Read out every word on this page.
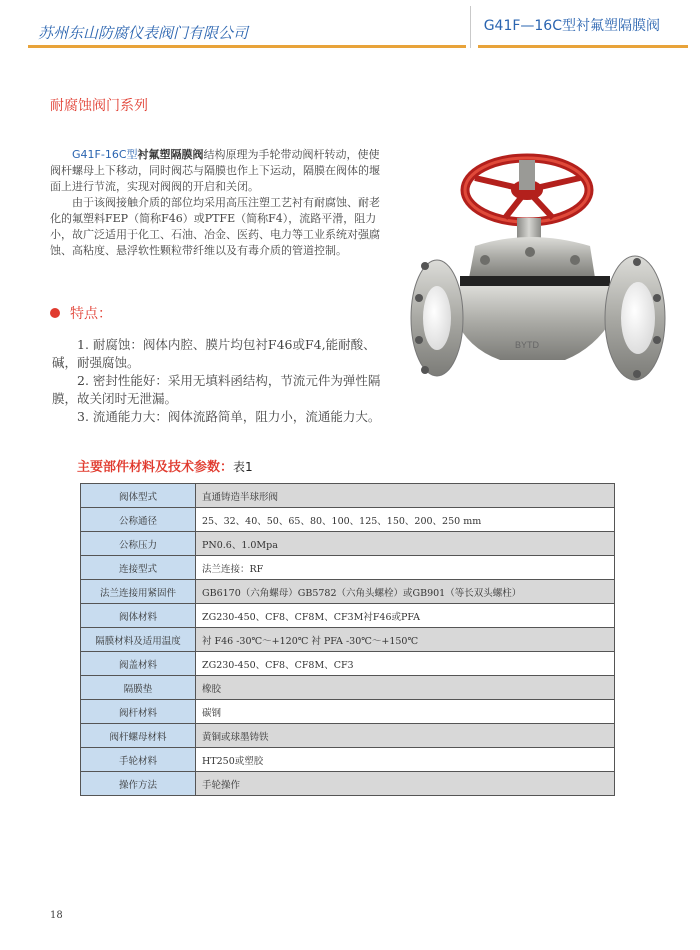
苏州东山防腐仪表阀门有限公司	G41F—16C型衬氟塑隔膜阀
耐腐蚀阀门系列

G41F-16C型衬氟塑隔膜阀结构原理为手轮带动阀杆转动，使使阀杆螺母上下移动，同时阀芯与隔膜也作上下运动，隔膜在阀体的堰面上进行节流，实现对阀阀的开启和关闭。

由于该阀接触介质的部位均采用高压注塑工艺衬有耐腐蚀、耐老化的氟塑料FEP（简称F46）或PTFE（简称F4），流路平滑，阻力小，故广泛适用于化工、石油、冶金、医药、电力等工业系统对强腐蚀、高粘度、悬浮软性颗粒带纤维以及有毒介质的管道控制。

特点：

1. 耐腐蚀：阀体内腔、膜片均包衬F46或F4,能耐酸、碱，耐强腐蚀。

2. 密封性能好：采用无填料函结构，节流元件为弹性隔膜，故关闭时无泄漏。

3. 流通能力大：阀体流路简单，阻力小，流通能力大。

BYTD
主要部件材料及技术参数：表1
阀体型式	直通铸造半球形阀
公称通径	25、32、40、50、65、80、100、125、150、200、250 mm
公称压力	PN0.6、1.0Mpa
连接型式	法兰连接：RF
法兰连接用紧固件	GB6170（六角螺母）GB5782（六角头螺栓）或GB901（等长双头螺柱）
阀体材料	ZG230-450、CF8、CF8M、CF3M衬F46或PFA
隔膜材料及适用温度	衬 F46 -30℃～+120℃ 衬 PFA -30℃～+150℃
阀盖材料	ZG230-450、CF8、CF8M、CF3
隔膜垫	橡胶
阀杆材料	碳钢
阀杆螺母材料	黄铜或球墨铸铁
手轮材料	HT250或塑胶
操作方法	手轮操作
18
